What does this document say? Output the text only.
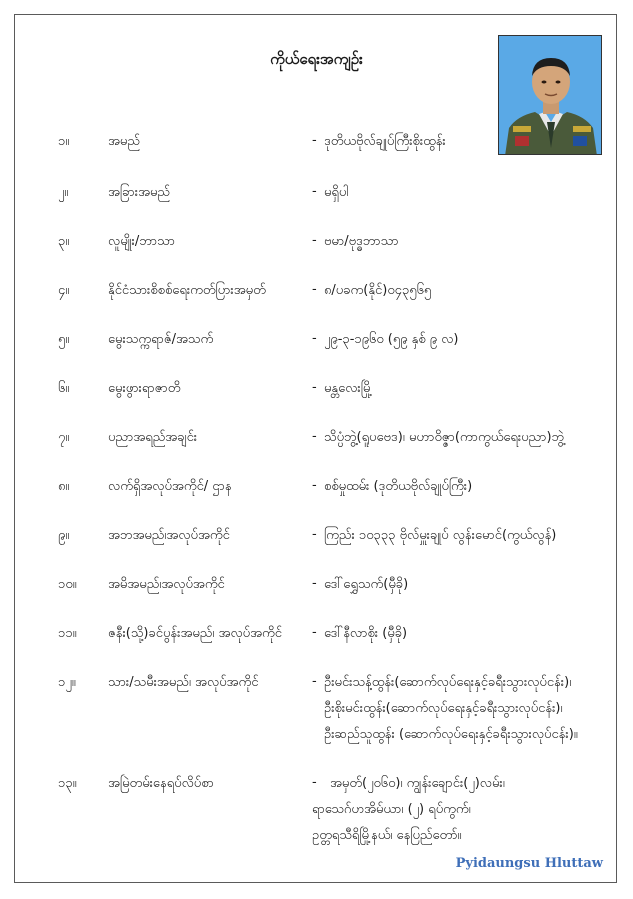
ကိုယ်ရေးအကျဉ်း
၁။	အမည်	- ဒုတိယဗိုလ်ချုပ်ကြီးစိုးထွန်း
၂။	အခြားအမည်	- မရှိပါ
၃။	လူမျိုး/ဘာသာ	- ဗမာ/ဗုဒ္ဓဘာသာ
၄။	နိုင်ငံသားစိစစ်ရေးကတ်ပြားအမှတ်	- ၈/ပခက(နိုင်)၀၄၃၅၆၅
၅။	မွေးသက္ကရာဇ်/အသက်	- ၂၉-၃-၁၉၆၀ (၅၉ နှစ် ၉ လ)
၆။	မွေးဖွားရာဇာတိ	- မန္တလေးမြို့
၇။	ပညာအရည်အချင်း	- သိပ္ပံဘွဲ့(ရူပဗေဒ)၊ မဟာဝိဇ္ဇာ(ကာကွယ်ရေးပညာ)ဘွဲ့
၈။	လက်ရှိအလုပ်အကိုင်/ ဌာန	- စစ်မှုထမ်း (ဒုတိယဗိုလ်ချုပ်ကြီး)
၉။	အဘအမည်၊အလုပ်အကိုင်	- ကြည်း ၁၀၃၃၃ ဗိုလ်မှူးချုပ် လွန်းမောင်(ကွယ်လွန်)
၁၀။ အမိအမည်၊အလုပ်အကိုင်	- ဒေါ်ရွှေသက်(မှီခို)
၁၁။ ဇနီး(သို့)ခင်ပွန်းအမည်၊ အလုပ်အကိုင် - ဒေါ်နီလာစိုး (မှီခို)
၁၂။ သား/သမီးအမည်၊ အလုပ်အကိုင်	- ဦးမင်းသန့်ထွန်း(ဆောက်လုပ်ရေးနှင့်ခရီးသွားလုပ်ငန်း)၊
ဦးစိုးမင်းထွန်း(ဆောက်လုပ်ရေးနှင့်ခရီးသွားလုပ်ငန်း)၊
ဦးဆည်သူထွန်း (ဆောက်လုပ်ရေးနှင့်ခရီးသွားလုပ်ငန်း)။
၁၃။ အမြဲတမ်းနေရပ်လိပ်စာ	- အမှတ်(၂၀၆၀)၊ ကျွန်းချောင်း(၂)လမ်း၊
ရာသေဂ်ဟအိမ်ယာ၊ (၂) ရပ်ကွက်၊
ဥတ္တရသီရိမြို့နယ်၊ နေပြည်တော်။
Pyidaungsu Hluttaw
